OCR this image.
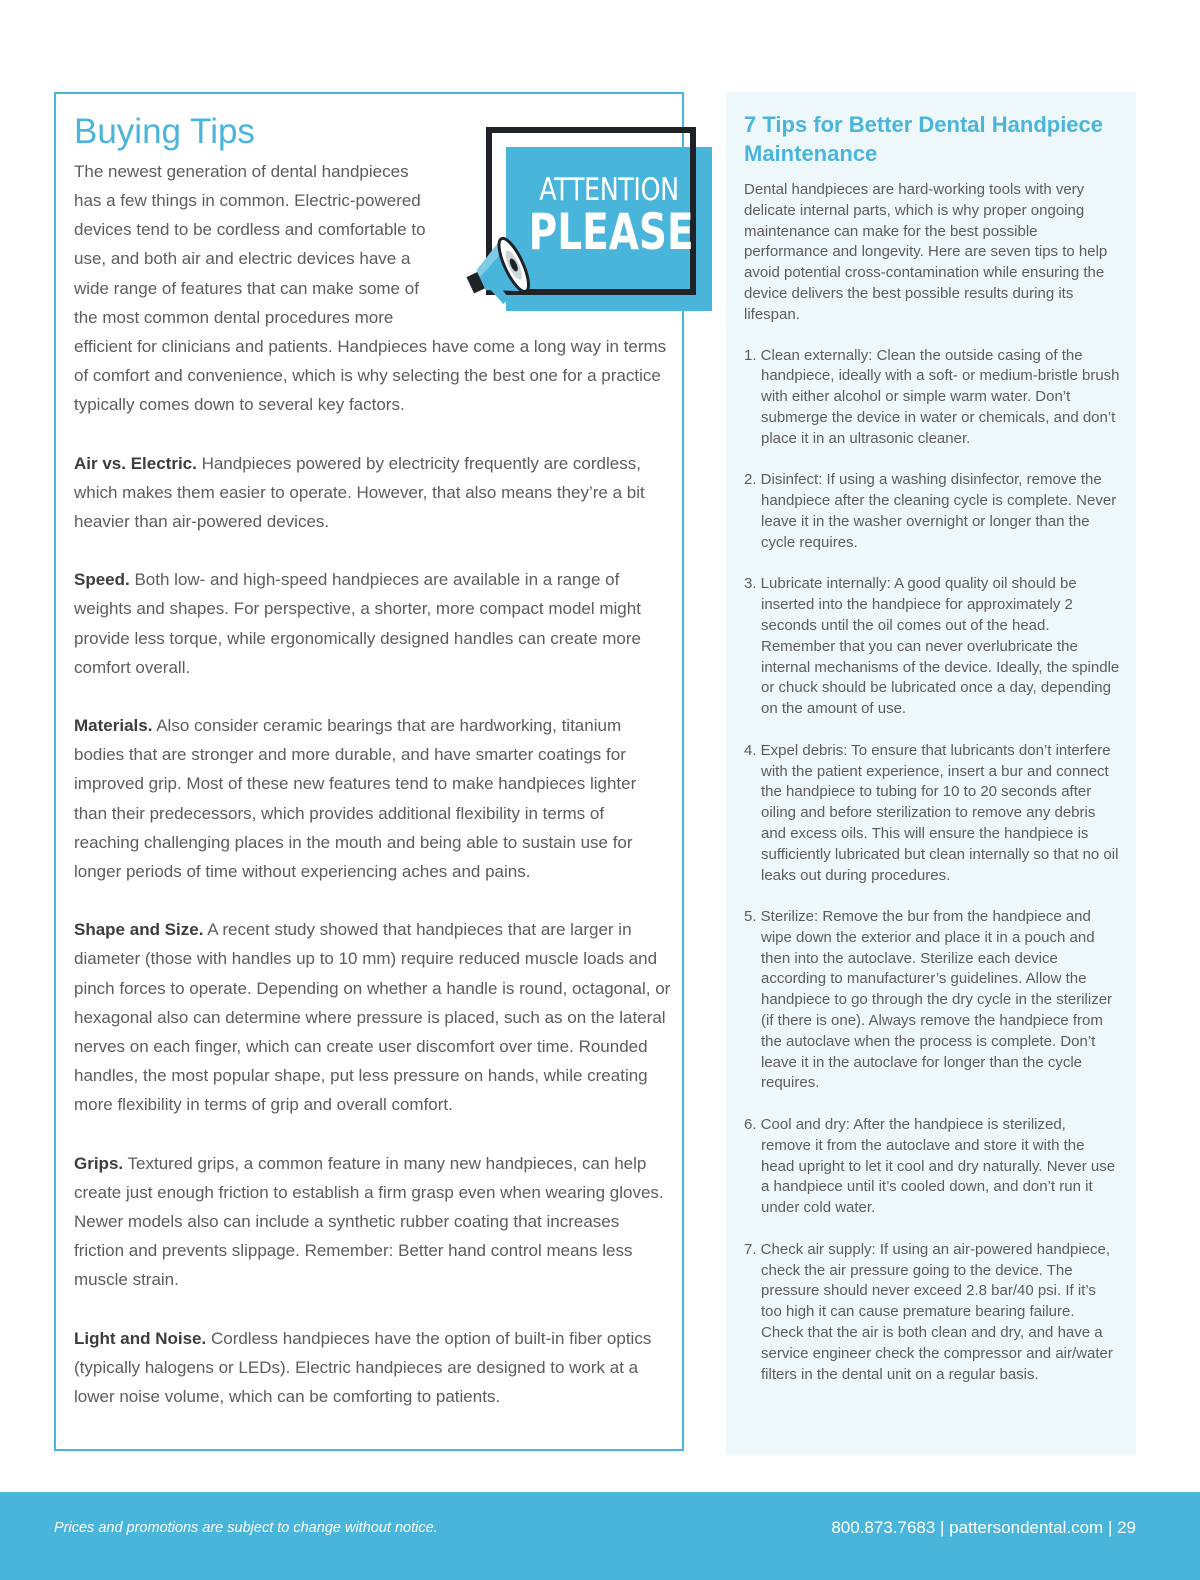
Buying Tips
ATTENTION
PLEASE

The newest generation of dental handpieces has a few things in common. Electric-powered devices tend to be cordless and comfortable to use, and both air and electric devices have a wide range of features that can make some of the most common dental procedures more efficient for clinicians and patients. Handpieces have come a long way in terms of comfort and convenience, which is why selecting the best one for a practice typically comes down to several key factors.

Air vs. Electric. Handpieces powered by electricity frequently are cordless, which makes them easier to operate. However, that also means they’re a bit heavier than air-powered devices.

Speed. Both low- and high-speed handpieces are available in a range of weights and shapes. For perspective, a shorter, more compact model might provide less torque, while ergonomically designed handles can create more comfort overall.

Materials. Also consider ceramic bearings that are hardworking, titanium bodies that are stronger and more durable, and have smarter coatings for improved grip. Most of these new features tend to make handpieces lighter than their predecessors, which provides additional flexibility in terms of reaching challenging places in the mouth and being able to sustain use for longer periods of time without experiencing aches and pains.

Shape and Size. A recent study showed that handpieces that are larger in diameter (those with handles up to 10 mm) require reduced muscle loads and pinch forces to operate. Depending on whether a handle is round, octagonal, or hexagonal also can determine where pressure is placed, such as on the lateral nerves on each finger, which can create user discomfort over time. Rounded handles, the most popular shape, put less pressure on hands, while creating more flexibility in terms of grip and overall comfort.

Grips. Textured grips, a common feature in many new handpieces, can help create just enough friction to establish a firm grasp even when wearing gloves. Newer models also can include a synthetic rubber coating that increases friction and prevents slippage. Remember: Better hand control means less muscle strain.

Light and Noise. Cordless handpieces have the option of built-in fiber optics (typically halogens or LEDs). Electric handpieces are designed to work at a lower noise volume, which can be comforting to patients.

7 Tips for Better Dental Handpiece Maintenance

Dental handpieces are hard-working tools with very delicate internal parts, which is why proper ongoing maintenance can make for the best possible performance and longevity. Here are seven tips to help avoid potential cross-contamination while ensuring the device delivers the best possible results during its lifespan.

1. Clean externally: Clean the outside casing of the handpiece, ideally with a soft- or medium-bristle brush with either alcohol or simple warm water. Don’t submerge the device in water or chemicals, and don’t place it in an ultrasonic cleaner.

2. Disinfect: If using a washing disinfector, remove the handpiece after the cleaning cycle is complete. Never leave it in the washer overnight or longer than the cycle requires.

3. Lubricate internally: A good quality oil should be inserted into the handpiece for approximately 2 seconds until the oil comes out of the head. Remember that you can never overlubricate the internal mechanisms of the device. Ideally, the spindle or chuck should be lubricated once a day, depending on the amount of use.

4. Expel debris: To ensure that lubricants don’t interfere with the patient experience, insert a bur and connect the handpiece to tubing for 10 to 20 seconds after oiling and before sterilization to remove any debris and excess oils. This will ensure the handpiece is sufficiently lubricated but clean internally so that no oil leaks out during procedures.

5. Sterilize: Remove the bur from the handpiece and wipe down the exterior and place it in a pouch and then into the autoclave. Sterilize each device according to manufacturer’s guidelines. Allow the handpiece to go through the dry cycle in the sterilizer (if there is one). Always remove the handpiece from the autoclave when the process is complete. Don’t leave it in the autoclave for longer than the cycle requires.

6. Cool and dry: After the handpiece is sterilized, remove it from the autoclave and store it with the head upright to let it cool and dry naturally. Never use a handpiece until it’s cooled down, and don’t run it under cold water.

7. Check air supply: If using an air-powered handpiece, check the air pressure going to the device. The pressure should never exceed 2.8 bar/40 psi. If it’s too high it can cause premature bearing failure. Check that the air is both clean and dry, and have a service engineer check the compressor and air/water filters in the dental unit on a regular basis.

Prices and promotions are subject to change without notice.	800.873.7683 | pattersondental.com | 29
